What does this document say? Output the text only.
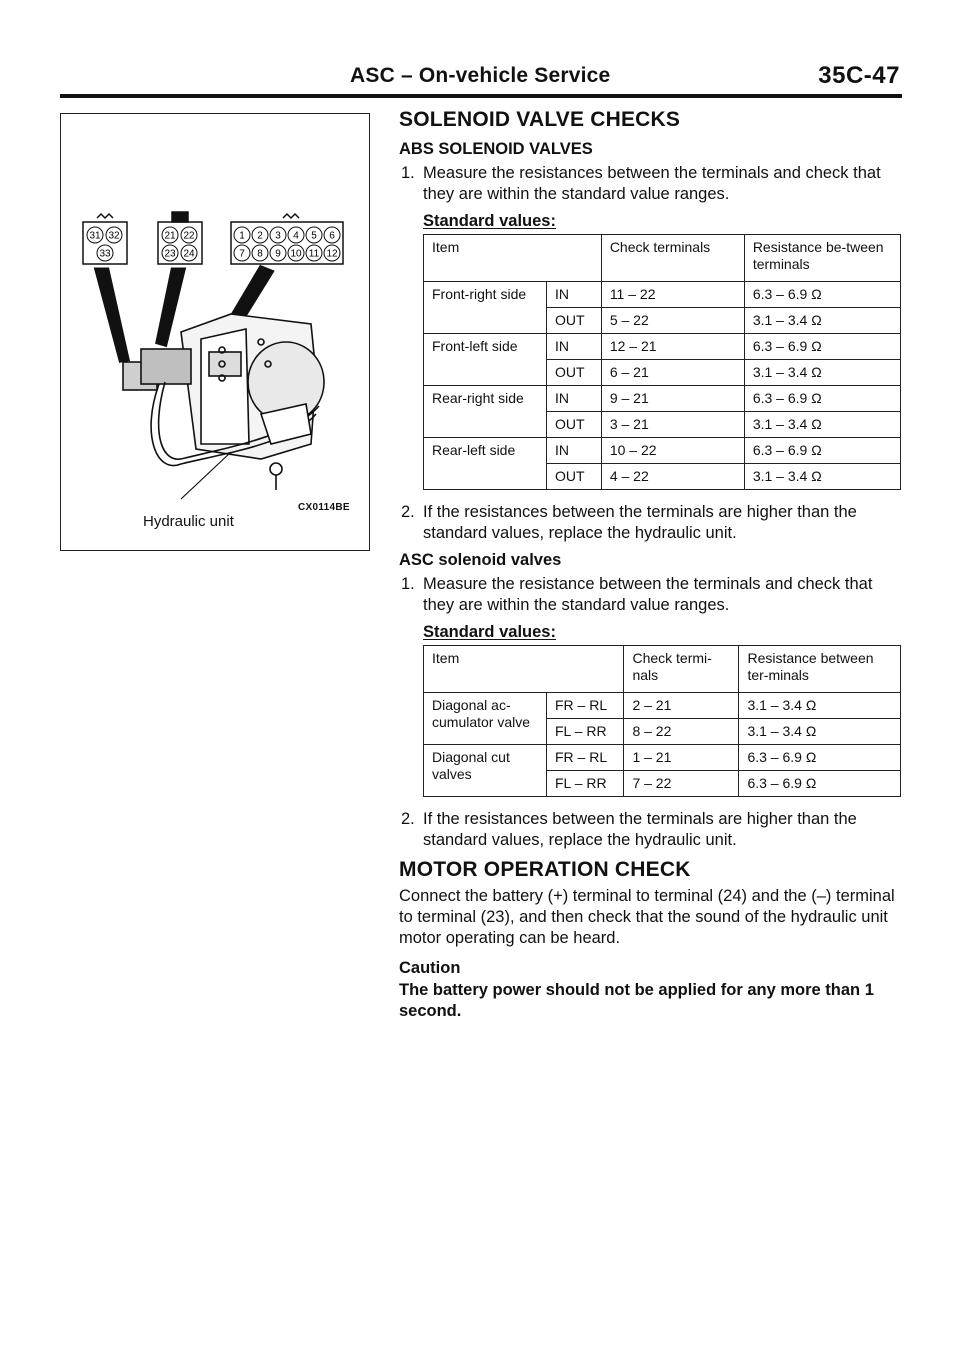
ASC – On-vehicle Service	35C-47
31 32
33
21 22
23 24
1 2 3 4 5 6
7 8 9 10 11 12
CX0114BE
Hydraulic unit
SOLENOID VALVE CHECKS
ABS SOLENOID VALVES
1. Measure the resistances between the terminals and check that they are within the standard value ranges.
Standard values:
Item		Check terminals	Resistance be-tween terminals
Front-right side	IN	11 – 22	6.3 – 6.9 Ω
	OUT	5 – 22	3.1 – 3.4 Ω
Front-left side	IN	12 – 21	6.3 – 6.9 Ω
	OUT	6 – 21	3.1 – 3.4 Ω
Rear-right side	IN	9 – 21	6.3 – 6.9 Ω
	OUT	3 – 21	3.1 – 3.4 Ω
Rear-left side	IN	10 – 22	6.3 – 6.9 Ω
	OUT	4 – 22	3.1 – 3.4 Ω
2. If the resistances between the terminals are higher than the standard values, replace the hydraulic unit.
ASC solenoid valves
1. Measure the resistance between the terminals and check that they are within the standard value ranges.
Standard values:
Item		Check termi-nals	Resistance between ter-minals
Diagonal ac-cumulator valve	FR – RL	2 – 21	3.1 – 3.4 Ω
	FL – RR	8 – 22	3.1 – 3.4 Ω
Diagonal cut valves	FR – RL	1 – 21	6.3 – 6.9 Ω
	FL – RR	7 – 22	6.3 – 6.9 Ω
2. If the resistances between the terminals are higher than the standard values, replace the hydraulic unit.
MOTOR OPERATION CHECK

Connect the battery (+) terminal to terminal (24) and the (–) terminal to terminal (23), and then check that the sound of the hydraulic unit motor operating can be heard.

Caution

The battery power should not be applied for any more than 1 second.
